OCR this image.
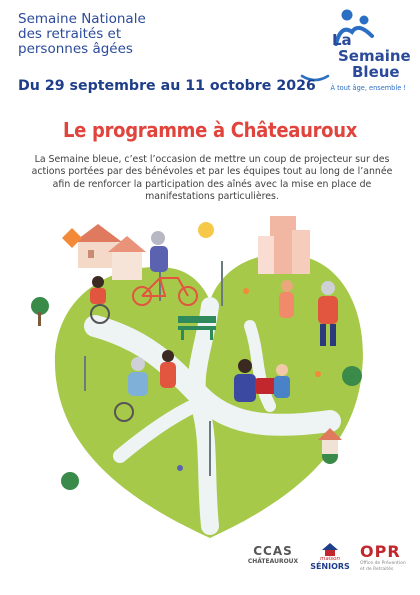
Semaine Nationale

des retraités et

personnes âgées	La
Semaine
Bleue
À tout âge, ensemble !
Du 29 septembre au 11 octobre 2026
Le programme à Châteauroux

La Semaine bleue, c’est l’occasion de mettre un coup de projecteur sur des actions portées par des bénévoles et par les équipes tout au long de l’année afin de renforcer la participation des aînés avec la mise en place de manifestations particulières.

CCAS
CHÂTEAUROUX	maison
SÉNIORS
OPR
Office de Prévention et de Retraités
